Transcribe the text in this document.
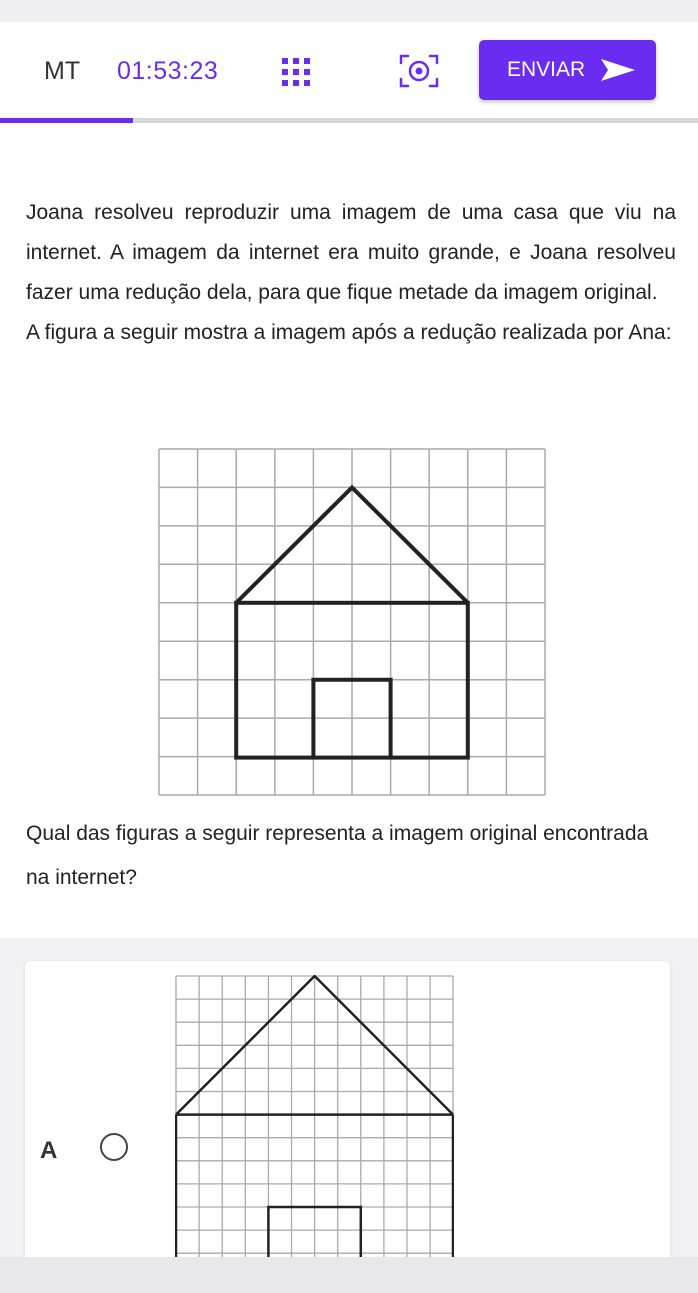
MT 01:53:23	ENVIAR

Joana resolveu reproduzir uma imagem de uma casa que viu na internet. A imagem da internet era muito grande, e Joana resolveu fazer uma redução dela, para que fique metade da imagem original.

A figura a seguir mostra a imagem após a redução realizada por Ana:

Qual das figuras a seguir representa a imagem original encontrada na internet?
A
